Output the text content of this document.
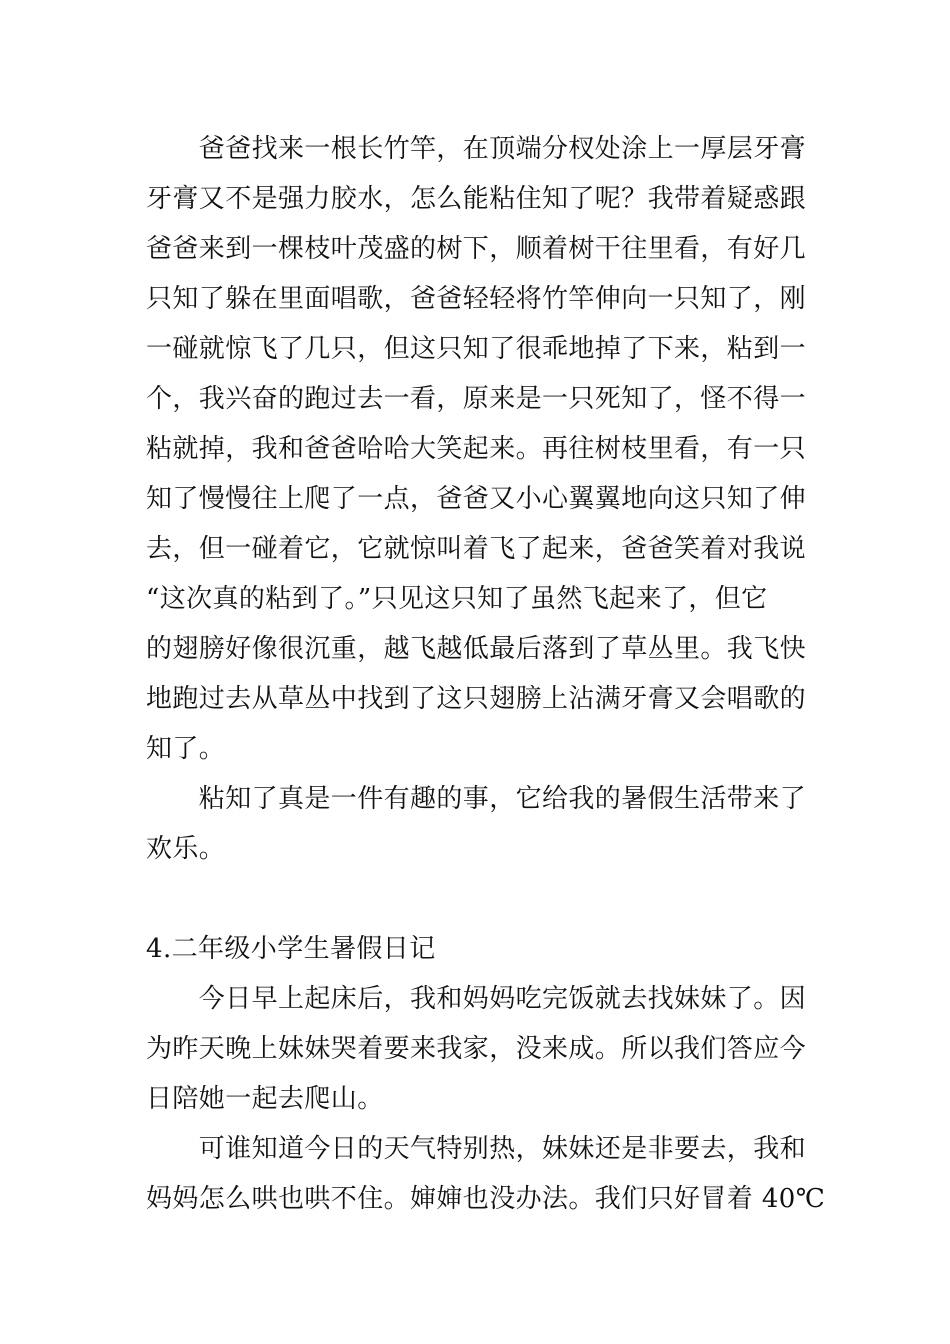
　　爸爸找来一根长竹竿，在顶端分杈处涂上一厚层牙膏
牙膏又不是强力胶水，怎么能粘住知了呢？我带着疑惑跟
爸爸来到一棵枝叶茂盛的树下，顺着树干往里看，有好几
只知了躲在里面唱歌，爸爸轻轻将竹竿伸向一只知了，刚
一碰就惊飞了几只，但这只知了很乖地掉了下来，粘到一
个，我兴奋的跑过去一看，原来是一只死知了，怪不得一
粘就掉，我和爸爸哈哈大笑起来。再往树枝里看，有一只
知了慢慢往上爬了一点，爸爸又小心翼翼地向这只知了伸
去，但一碰着它，它就惊叫着飞了起来，爸爸笑着对我说
“这次真的粘到了。”只见这只知了虽然飞起来了，但它
的翅膀好像很沉重，越飞越低最后落到了草丛里。我飞快
地跑过去从草丛中找到了这只翅膀上沾满牙膏又会唱歌的
知了。
　　粘知了真是一件有趣的事，它给我的暑假生活带来了
欢乐。
4.二年级小学生暑假日记
　　今日早上起床后，我和妈妈吃完饭就去找妹妹了。因
为昨天晚上妹妹哭着要来我家，没来成。所以我们答应今
日陪她一起去爬山。
　　可谁知道今日的天气特别热，妹妹还是非要去，我和
妈妈怎么哄也哄不住。婶婶也没办法。我们只好冒着 40℃
